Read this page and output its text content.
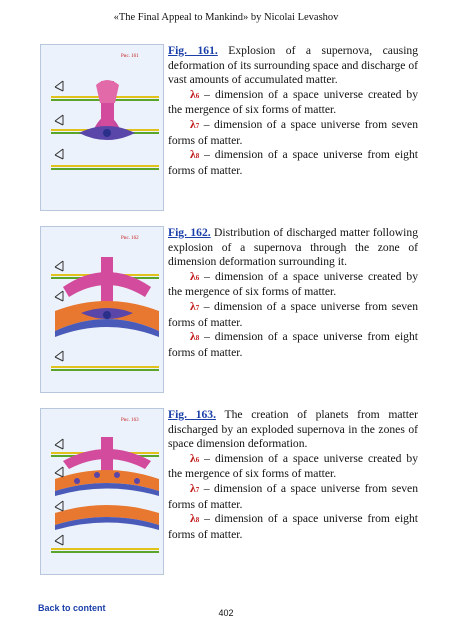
«The Final Appeal to Mankind» by Nicolai Levashov
Рис. 161	Fig. 161. Explosion of a supernova, causing deformation of its surrounding space and discharge of vast amounts of accumulated matter.

λ6 – dimension of a space universe created by the mergence of six forms of matter.

λ7 – dimension of a space universe from seven forms of matter.

λ8 – dimension of a space universe from eight forms of matter.

Рис. 162	Fig. 162. Distribution of discharged matter following explosion of a supernova through the zone of dimension deformation surrounding it.

λ6 – dimension of a space universe created by the mergence of six forms of matter.

λ7 – dimension of a space universe from seven forms of matter.

λ8 – dimension of a space universe from eight forms of matter.

Рис. 163	Fig. 163. The creation of planets from matter discharged by an exploded supernova in the zones of space dimension deformation.

λ6 – dimension of a space universe created by the mergence of six forms of matter.

λ7 – dimension of a space universe from seven forms of matter.

λ8 – dimension of a space universe from eight forms of matter.

Back to content	402
